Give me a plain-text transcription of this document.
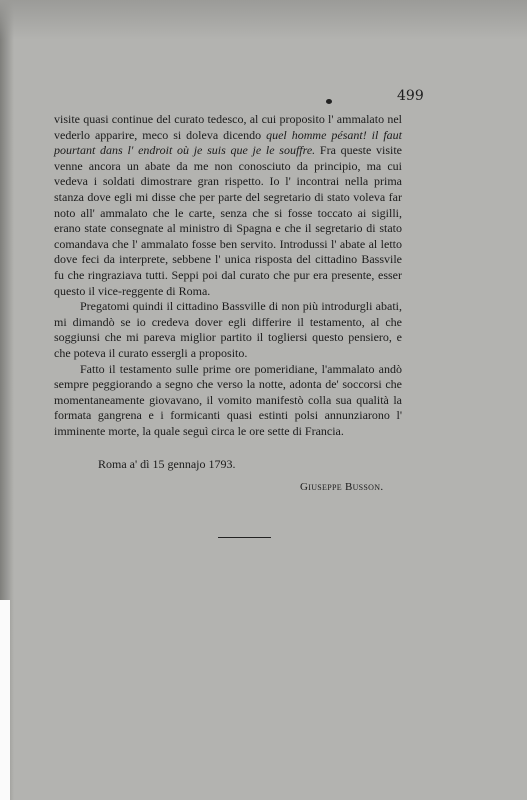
499

visite quasi continue del curato tedesco, al cui proposito l' ammalato nel vederlo apparire, meco si doleva dicendo quel homme pésant! il faut pourtant dans l' endroit où je suis que je le souffre. Fra queste visite venne ancora un abate da me non conosciuto da principio, ma cui vedeva i soldati dimostrare gran rispetto. Io l' incontrai nella prima stanza dove egli mi disse che per parte del segretario di stato voleva far noto all' ammalato che le carte, senza che si fosse toccato ai sigilli, erano state consegnate al ministro di Spagna e che il segretario di stato comandava che l' ammalato fosse ben servito. Introdussi l' abate al letto dove feci da interprete, sebbene l' unica risposta del cittadino Bassvile fu che ringraziava tutti. Seppi poi dal curato che pur era presente, esser questo il vice-reggente di Roma.

Pregatomi quindi il cittadino Bassville di non più introdurgli abati, mi dimandò se io credeva dover egli differire il testamento, al che soggiunsi che mi pareva miglior partito il togliersi questo pensiero, e che poteva il curato essergli a proposito.

Fatto il testamento sulle prime ore pomeridiane, l'ammalato andò sempre peggiorando a segno che verso la notte, adonta de' soccorsi che momentaneamente giovavano, il vomito manifestò colla sua qualità la formata gangrena e i formicanti quasi estinti polsi annunziarono l' imminente morte, la quale seguì circa le ore sette di Francia.

Roma a' dì 15 gennajo 1793.
Giuseppe Busson.
